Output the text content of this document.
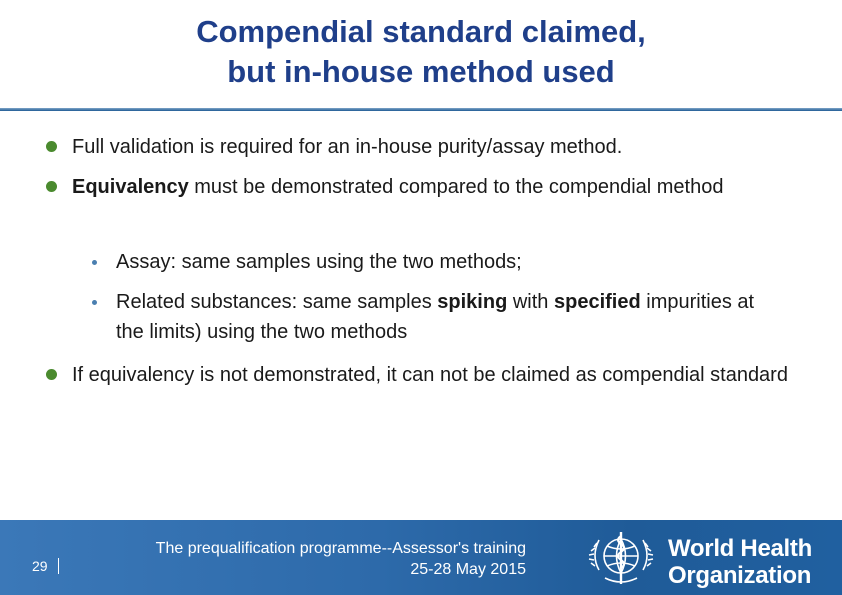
Compendial standard claimed,
but in-house method used
Full validation is required for an in-house purity/assay method.
Equivalency must be demonstrated compared to the compendial method
Assay: same samples using the two methods;
Related substances: same samples spiking with specified impurities at the limits) using the two methods
If equivalency is not demonstrated, it can not be claimed as compendial standard
29
The prequalification programme--Assessor's training
25-28 May 2015
World Health
Organization
